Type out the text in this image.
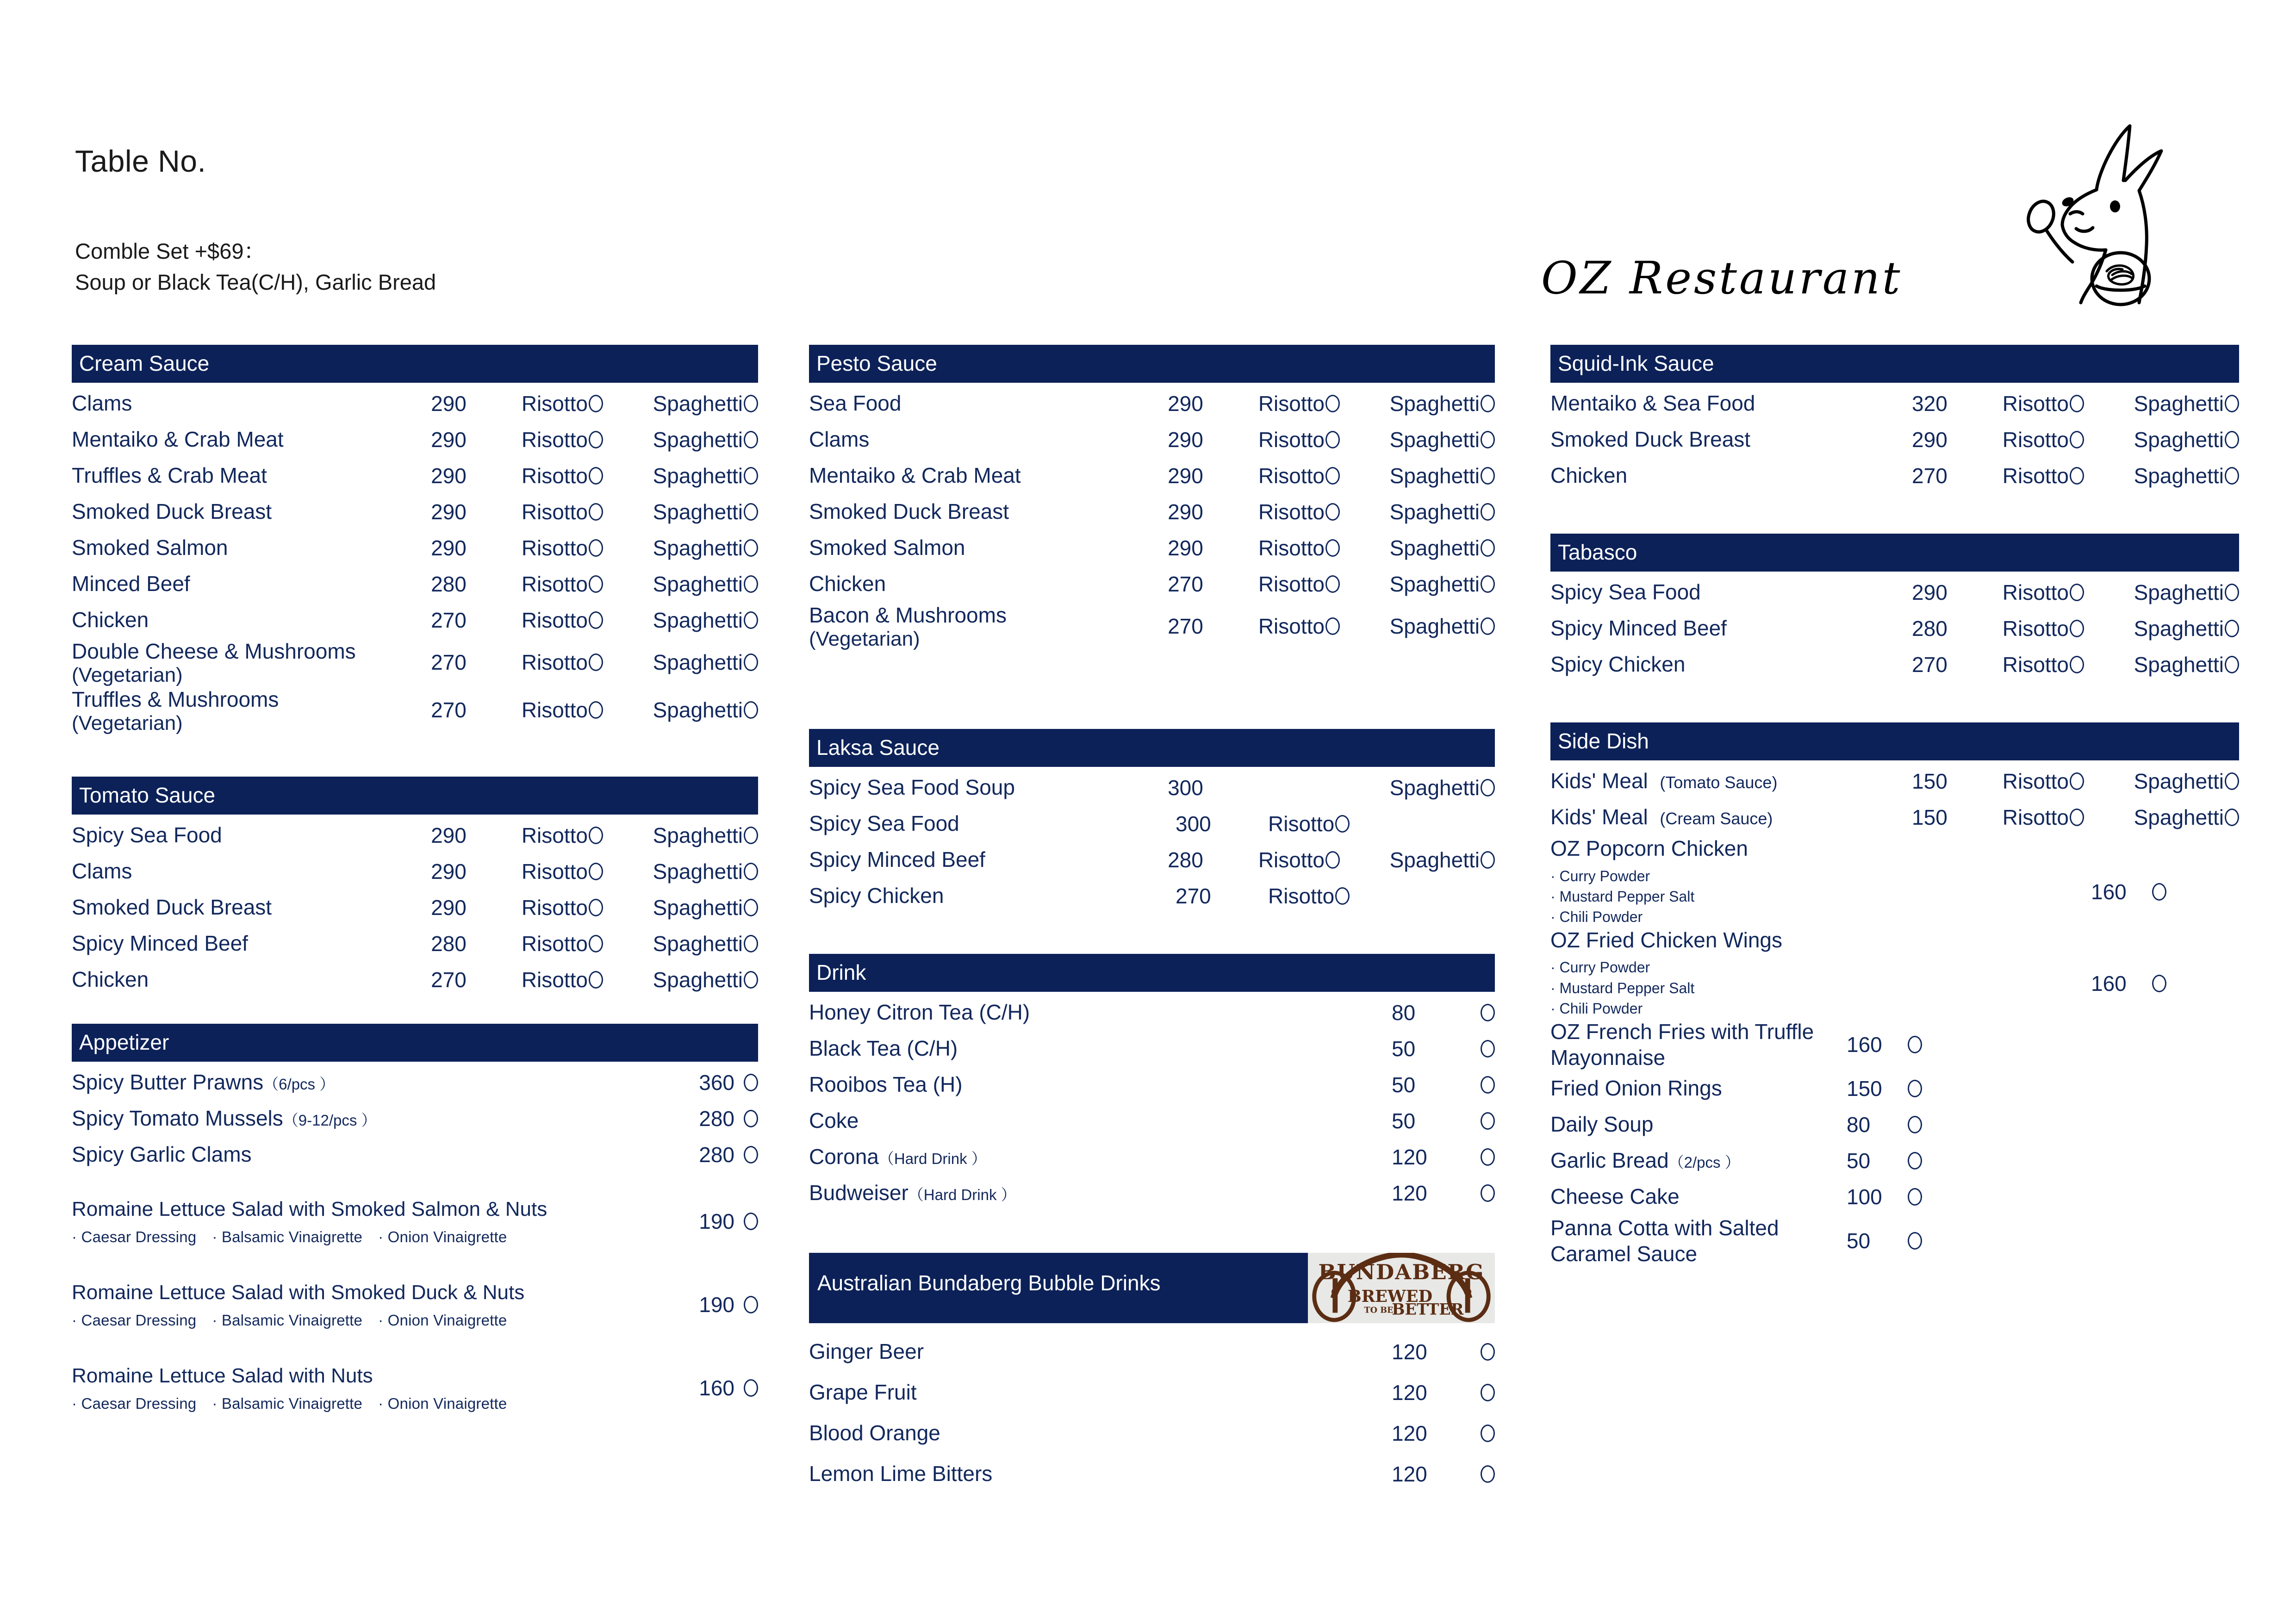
Table No.
Comble Set +$69：
Soup or Black Tea(C/H), Garlic Bread	OZ Restaurant
Cream Sauce
Clams	290	Risotto	Spaghetti
Mentaiko & Crab Meat	290	Risotto	Spaghetti
Truffles & Crab Meat	290	Risotto	Spaghetti
Smoked Duck Breast	290	Risotto	Spaghetti
Smoked Salmon	290	Risotto	Spaghetti
Minced Beef	280	Risotto	Spaghetti
Chicken	270	Risotto	Spaghetti
Double Cheese & Mushrooms
(Vegetarian)
270	Risotto	Spaghetti
Truffles & Mushrooms
(Vegetarian)
270	Risotto	Spaghetti
Tomato Sauce
Spicy Sea Food	290	Risotto	Spaghetti
Clams	290	Risotto	Spaghetti
Smoked Duck Breast	290	Risotto	Spaghetti
Spicy Minced Beef	280	Risotto	Spaghetti
Chicken	270	Risotto	Spaghetti
Appetizer
Spicy Butter Prawns（6/pcs ）	360
Spicy Tomato Mussels（9-12/pcs ）	280
Spicy Garlic Clams	280
Romaine Lettuce Salad with Smoked Salmon & Nuts
· Caesar Dressing · Balsamic Vinaigrette · Onion Vinaigrette
190
Romaine Lettuce Salad with Smoked Duck & Nuts
· Caesar Dressing · Balsamic Vinaigrette · Onion Vinaigrette
190
Romaine Lettuce Salad with Nuts
· Caesar Dressing · Balsamic Vinaigrette · Onion Vinaigrette
160
Pesto Sauce
Sea Food	290	Risotto	Spaghetti
Clams	290	Risotto	Spaghetti
Mentaiko & Crab Meat	290	Risotto	Spaghetti
Smoked Duck Breast	290	Risotto	Spaghetti
Smoked Salmon	290	Risotto	Spaghetti
Chicken	270	Risotto	Spaghetti
Bacon & Mushrooms
(Vegetarian)
270	Risotto	Spaghetti
Laksa Sauce
Spicy Sea Food Soup	300	Spaghetti
Spicy Sea Food	300	Risotto
Spicy Minced Beef	280	Risotto	Spaghetti
Spicy Chicken	270	Risotto
Drink
Honey Citron Tea (C/H)	80
Black Tea (C/H)	50
Rooibos Tea (H)	50
Coke	50
Corona（Hard Drink ）	120
Budweiser（Hard Drink ）	120
Australian Bundaberg Bubble Drinks	BUNDABERG
BREWED
TO BE
BETTER
Ginger Beer	120
Grape Fruit	120
Blood Orange	120
Lemon Lime Bitters	120
Squid-Ink Sauce
Mentaiko & Sea Food	320	Risotto	Spaghetti
Smoked Duck Breast	290	Risotto	Spaghetti
Chicken	270	Risotto	Spaghetti
Tabasco
Spicy Sea Food	290	Risotto	Spaghetti
Spicy Minced Beef	280	Risotto	Spaghetti
Spicy Chicken	270	Risotto	Spaghetti
Side Dish
Kids' Meal (Tomato Sauce)	150	Risotto	Spaghetti
Kids' Meal (Cream Sauce)	150	Risotto	Spaghetti
OZ Popcorn Chicken
· Curry Powder
· Mustard Pepper Salt
· Chili Powder
160
OZ Fried Chicken Wings
· Curry Powder
· Mustard Pepper Salt
· Chili Powder
160
OZ French Fries with Truffle Mayonnaise
160
Fried Onion Rings	150
Daily Soup	80
Garlic Bread（2/pcs ）	50
Cheese Cake	100
Panna Cotta with Salted Caramel Sauce
50
